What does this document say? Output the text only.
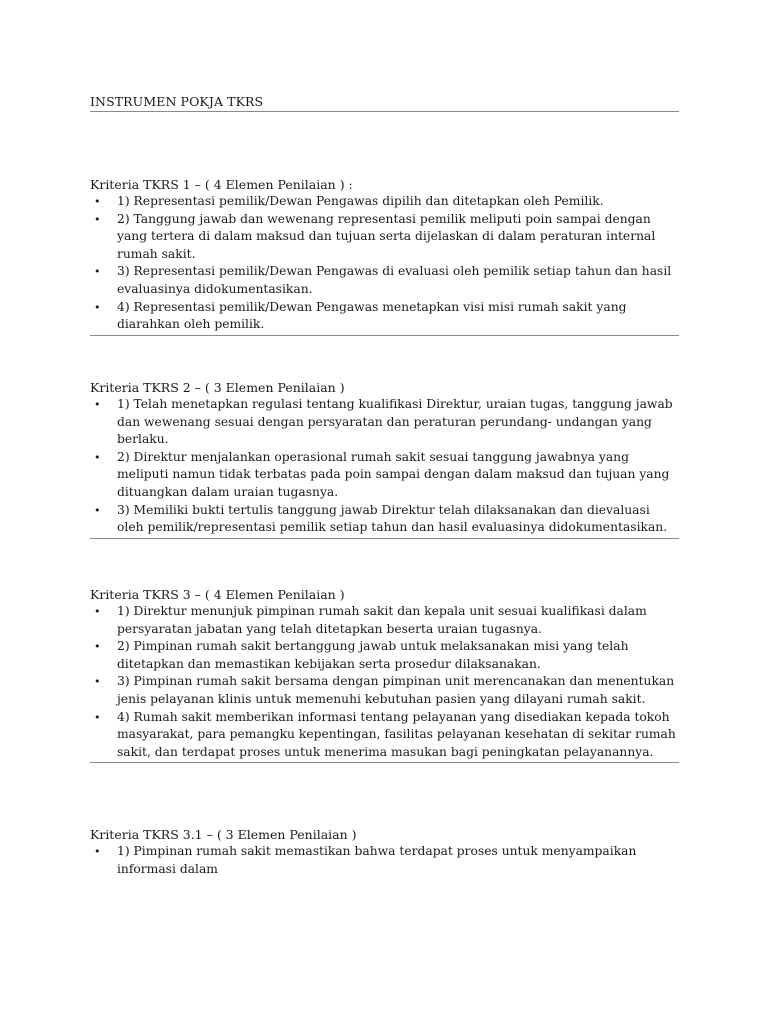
INSTRUMEN POKJA TKRS

Kriteria TKRS 1 – ( 4 Elemen Penilaian ) :

• 1) Representasi pemilik/Dewan Pengawas dipilih dan ditetapkan oleh Pemilik.
• 2) Tanggung jawab dan wewenang representasi pemilik meliputi poin sampai dengan yang tertera di dalam maksud dan tujuan serta dijelaskan di dalam peraturan internal rumah sakit.
• 3) Representasi pemilik/Dewan Pengawas di evaluasi oleh pemilik setiap tahun dan hasil evaluasinya didokumentasikan.
• 4) Representasi pemilik/Dewan Pengawas menetapkan visi misi rumah sakit yang diarahkan oleh pemilik.

Kriteria TKRS 2 – ( 3 Elemen Penilaian )

• 1) Telah menetapkan regulasi tentang kualifikasi Direktur, uraian tugas, tanggung jawab dan wewenang sesuai dengan persyaratan dan peraturan perundang- undangan yang berlaku.
• 2) Direktur menjalankan operasional rumah sakit sesuai tanggung jawabnya yang meliputi namun tidak terbatas pada poin sampai dengan dalam maksud dan tujuan yang dituangkan dalam uraian tugasnya.
• 3) Memiliki bukti tertulis tanggung jawab Direktur telah dilaksanakan dan dievaluasi oleh pemilik/representasi pemilik setiap tahun dan hasil evaluasinya didokumentasikan.

Kriteria TKRS 3 – ( 4 Elemen Penilaian )

• 1) Direktur menunjuk pimpinan rumah sakit dan kepala unit sesuai kualifikasi dalam persyaratan jabatan yang telah ditetapkan beserta uraian tugasnya.
• 2) Pimpinan rumah sakit bertanggung jawab untuk melaksanakan misi yang telah ditetapkan dan memastikan kebijakan serta prosedur dilaksanakan.
• 3) Pimpinan rumah sakit bersama dengan pimpinan unit merencanakan dan menentukan jenis pelayanan klinis untuk memenuhi kebutuhan pasien yang dilayani rumah sakit.
• 4) Rumah sakit memberikan informasi tentang pelayanan yang disediakan kepada tokoh masyarakat, para pemangku kepentingan, fasilitas pelayanan kesehatan di sekitar rumah sakit, dan terdapat proses untuk menerima masukan bagi peningkatan pelayanannya.

Kriteria TKRS 3.1 – ( 3 Elemen Penilaian )

• 1) Pimpinan rumah sakit memastikan bahwa terdapat proses untuk menyampaikan informasi dalam
